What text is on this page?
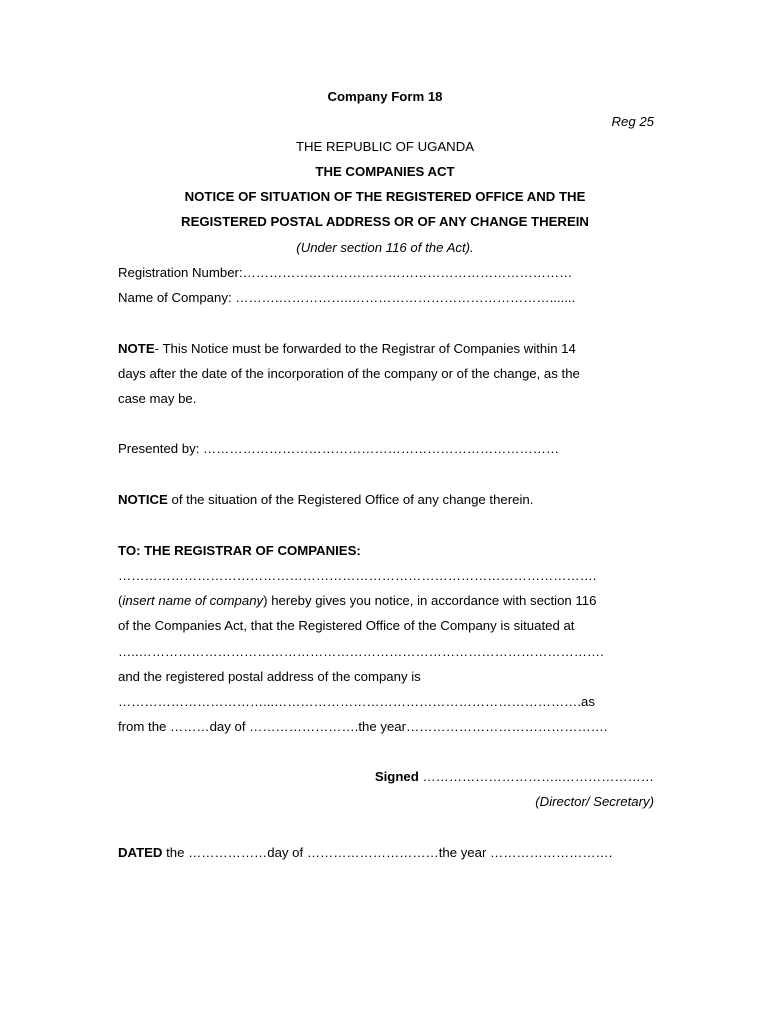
Company Form 18
Reg 25
THE REPUBLIC OF UGANDA
THE COMPANIES ACT
NOTICE OF SITUATION OF THE REGISTERED OFFICE AND THE
REGISTERED POSTAL ADDRESS OR OF ANY CHANGE THEREIN
(Under section 116 of the Act).
Registration Number:…………………………………………………………………
Name of Company: ……….……………..……………………………………….......
NOTE- This Notice must be forwarded to the Registrar of Companies within 14
days after the date of the incorporation of the company or of the change, as the
case may be.
Presented by: ………………………………………………………………………
NOTICE of the situation of the Registered Office of any change therein.
TO: THE REGISTRAR OF COMPANIES:
……………………………………………………………………………………………….
(insert name of company) hereby gives you notice, in accordance with section 116
of the Companies Act, that the Registered Office of the Company is situated at
…..…………………………………………………………………………………………….
and the registered postal address of the company is
……………………………...…………………………………………………………….as
from the ………day of …………………….the year……………………………………….
Signed …………………………..…………………
(Director/ Secretary)
DATED the ………………day of …………………………the year ……………………….
